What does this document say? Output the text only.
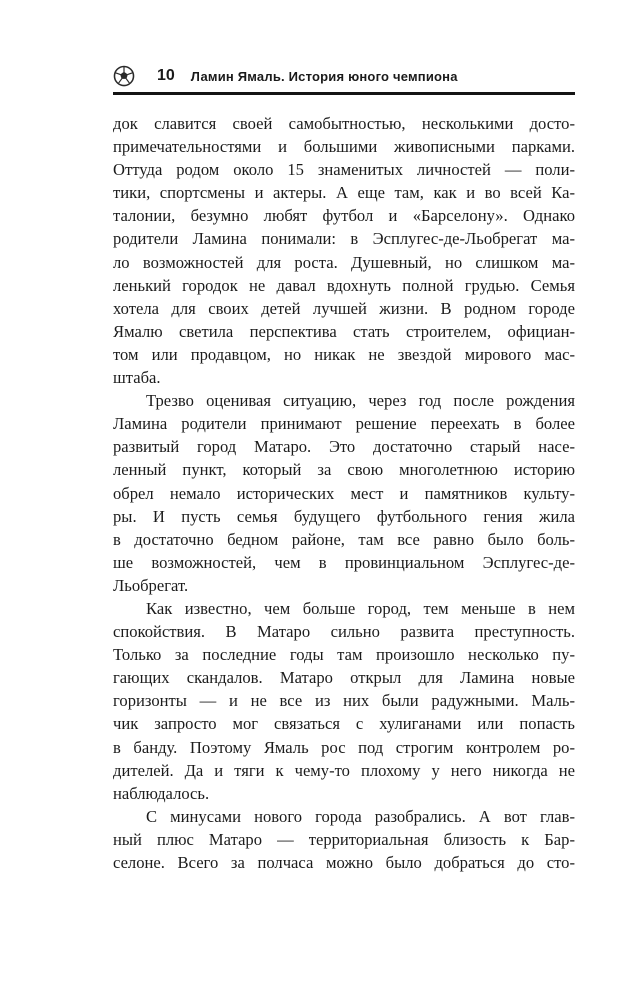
10 Ламин Ямаль. История юного чемпиона
док славится своей самобытностью, несколькими досто-
примечательностями и большими живописными парками.
Оттуда родом около 15 знаменитых личностей — поли-
тики, спортсмены и актеры. А еще там, как и во всей Ка-
талонии, безумно любят футбол и «Барселону». Однако
родители Ламина понимали: в Эсплугес-де-Льобрегат ма-
ло возможностей для роста. Душевный, но слишком ма-
ленький городок не давал вдохнуть полной грудью. Семья
хотела для своих детей лучшей жизни. В родном городе
Ямалю светила перспектива стать строителем, официан-
том или продавцом, но никак не звездой мирового мас-
штаба.
Трезво оценивая ситуацию, через год после рождения
Ламина родители принимают решение переехать в более
развитый город Матаро. Это достаточно старый насе-
ленный пункт, который за свою многолетнюю историю
обрел немало исторических мест и памятников культу-
ры. И пусть семья будущего футбольного гения жила
в достаточно бедном районе, там все равно было боль-
ше возможностей, чем в провинциальном Эсплугес-де-
Льобрегат.
Как известно, чем больше город, тем меньше в нем
спокойствия. В Матаро сильно развита преступность.
Только за последние годы там произошло несколько пу-
гающих скандалов. Матаро открыл для Ламина новые
горизонты — и не все из них были радужными. Маль-
чик запросто мог связаться с хулиганами или попасть
в банду. Поэтому Ямаль рос под строгим контролем ро-
дителей. Да и тяги к чему-то плохому у него никогда не
наблюдалось.
С минусами нового города разобрались. А вот глав-
ный плюс Матаро — территориальная близость к Бар-
селоне. Всего за полчаса можно было добраться до сто-
